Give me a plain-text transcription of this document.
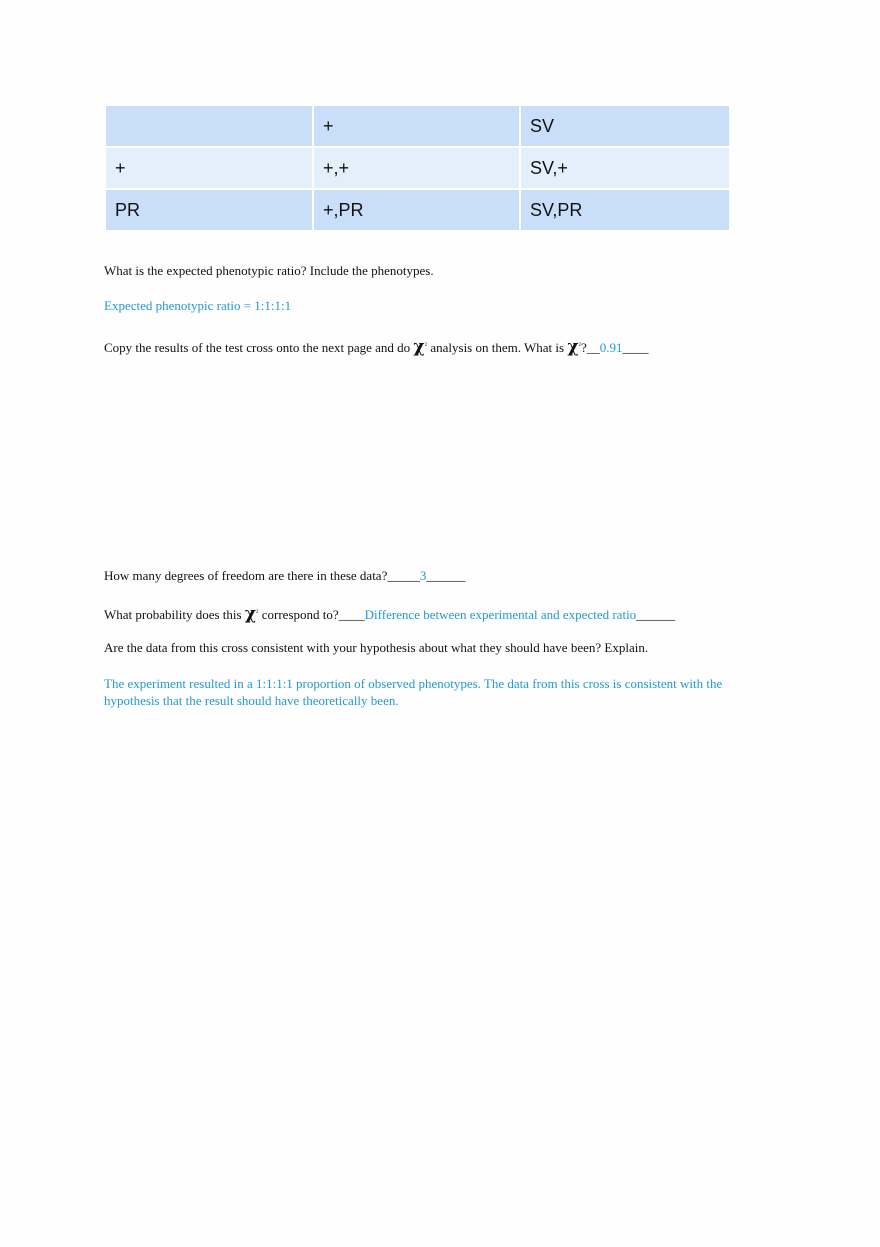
	+	SV
+	+,+	SV,+
PR	+,PR	SV,PR
What is the expected phenotypic ratio? Include the phenotypes.
Expected phenotypic ratio = 1:1:1:1
Copy the results of the test cross onto the next page and do $\chi^2$ analysis on them. What is $\chi^2?\_\_0.91\_\_\_\_$
How many degrees of freedom are there in these data?_____3______
What probability does this $\chi^2$ correspond to?____Difference between experimental and expected ratio______
Are the data from this cross consistent with your hypothesis about what they should have been? Explain.
The experiment resulted in a 1:1:1:1 proportion of observed phenotypes. The data from this cross is consistent with the hypothesis that the result should have theoretically been.
